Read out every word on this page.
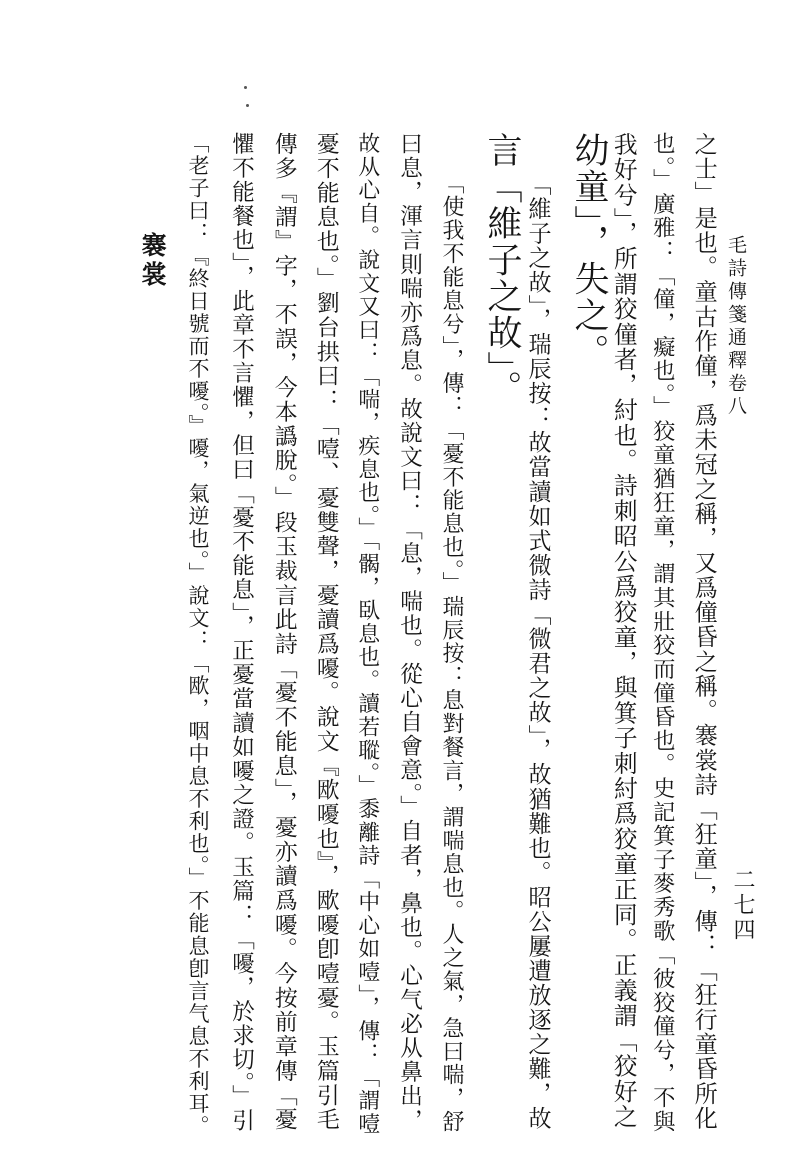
毛詩傳箋通釋卷八
二七四
幼童」，失之。 我好兮」，所謂狡僮者，紂也。詩刺昭公爲狡童，與箕子刺紂爲狡童正同。正義謂「狡好之 也。」廣雅：「僮，癡也。」狡童猶狂童，謂其壯狡而僮昏也。史記箕子麥秀歌「彼狡僮兮，不與 之士」是也。童古作僮，爲未冠之稱，又爲僮昏之稱。褰裳詩「狂童」，傳：「狂行童昏所化
言「維子之故」。 「維子之故」，瑞辰按：故當讀如式微詩「微君之故」，故猶難也。昭公屢遭放逐之難，故
「使我不能息兮」，傳：「憂不能息也。」瑞辰按：息對餐言，謂喘息也。人之氣，急曰喘，舒
曰息，渾言則喘亦爲息。故說文曰：「息，喘也。從心自會意。」自者，鼻也。心气必从鼻出，
故从心自。說文又曰：「喘，疾息也。」「𩩲，臥息也。讀若𦗜。」黍離詩「中心如噎」，傳：「謂噎
憂不能息也。」劉台拱曰：「噎、憂雙聲，憂讀爲嚘。說文『欭嚘也』，欭嚘卽噎憂。玉篇引毛
傳多『謂』字，不誤，今本譌脫。」段玉裁言此詩「憂不能息」，憂亦讀爲嚘。今按前章傳「憂
懼不能餐也」，此章不言懼，但曰「憂不能息」，正憂當讀如嚘之證。玉篇：「嚘，於求切。」引
「老子曰：『終日號而不嚘。』嚘，氣逆也。」說文：「欭，咽中息不利也。」不能息卽言气息不利耳。
褰裳
